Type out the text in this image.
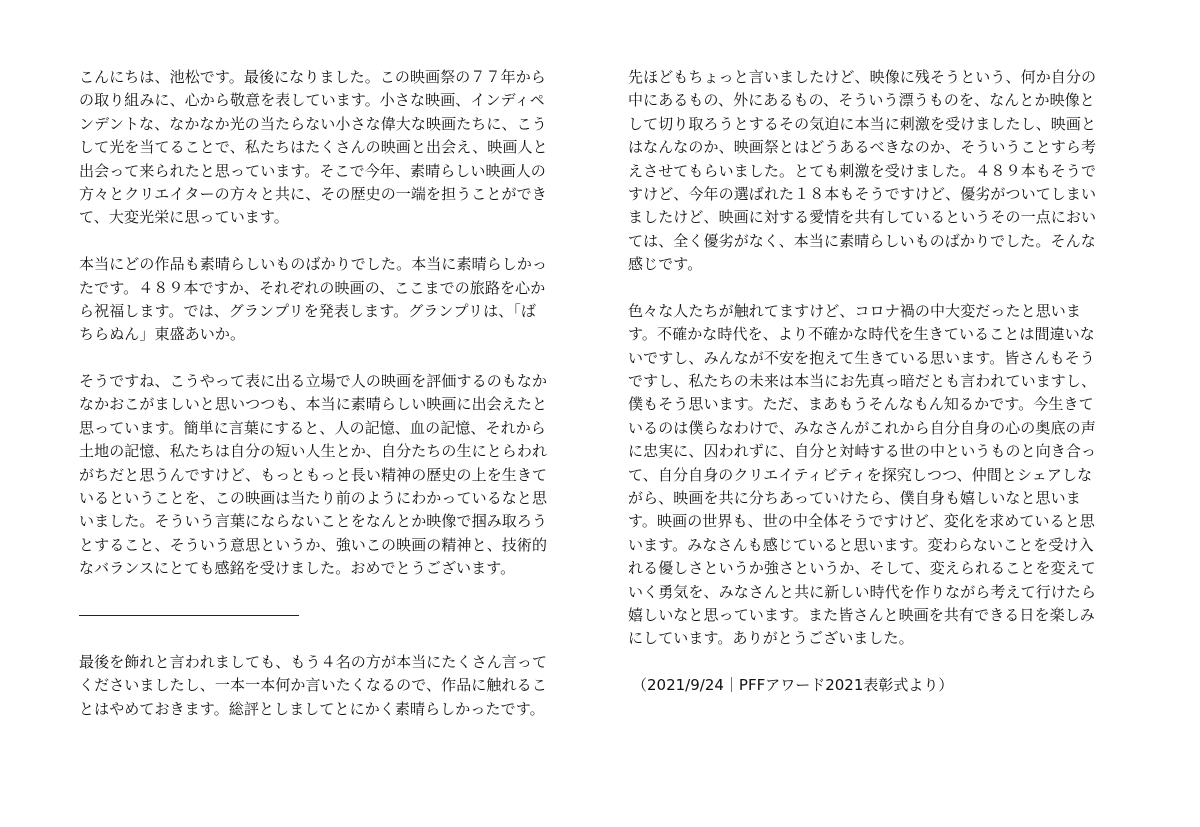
こんにちは、池松です。最後になりました。この映画祭の７７年から
の取り組みに、心から敬意を表しています。小さな映画、インディペ
ンデントな、なかなか光の当たらない小さな偉大な映画たちに、こう
して光を当てることで、私たちはたくさんの映画と出会え、映画人と
出会って来られたと思っています。そこで今年、素晴らしい映画人の
方々とクリエイターの方々と共に、その歴史の一端を担うことができ
て、大変光栄に思っています。
本当にどの作品も素晴らしいものばかりでした。本当に素晴らしかっ
たです。４８９本ですか、それぞれの映画の、ここまでの旅路を心か
ら祝福します。では、グランプリを発表します。グランプリは、「ば
ちらぬん」東盛あいか。
そうですね、こうやって表に出る立場で人の映画を評価するのもなか
なかおこがましいと思いつつも、本当に素晴らしい映画に出会えたと
思っています。簡単に言葉にすると、人の記憶、血の記憶、それから
土地の記憶、私たちは自分の短い人生とか、自分たちの生にとらわれ
がちだと思うんですけど、もっともっと長い精神の歴史の上を生きて
いるということを、この映画は当たり前のようにわかっているなと思
いました。そういう言葉にならないことをなんとか映像で掴み取ろう
とすること、そういう意思というか、強いこの映画の精神と、技術的
なバランスにとても感銘を受けました。おめでとうございます。
最後を飾れと言われましても、もう４名の方が本当にたくさん言って
くださいましたし、一本一本何か言いたくなるので、作品に触れるこ
とはやめておきます。総評としましてとにかく素晴らしかったです。
先ほどもちょっと言いましたけど、映像に残そうという、何か自分の
中にあるもの、外にあるもの、そういう漂うものを、なんとか映像と
して切り取ろうとするその気迫に本当に刺激を受けましたし、映画と
はなんなのか、映画祭とはどうあるべきなのか、そういうことすら考
えさせてもらいました。とても刺激を受けました。４８９本もそうで
すけど、今年の選ばれた１８本もそうですけど、優劣がついてしまい
ましたけど、映画に対する愛情を共有しているというその一点におい
ては、全く優劣がなく、本当に素晴らしいものばかりでした。そんな
感じです。
色々な人たちが触れてますけど、コロナ禍の中大変だったと思いま
す。不確かな時代を、より不確かな時代を生きていることは間違いな
いですし、みんなが不安を抱えて生きている思います。皆さんもそう
ですし、私たちの未来は本当にお先真っ暗だとも言われていますし、
僕もそう思います。ただ、まあもうそんなもん知るかです。今生きて
いるのは僕らなわけで、みなさんがこれから自分自身の心の奥底の声
に忠実に、囚われずに、自分と対峙する世の中というものと向き合っ
て、自分自身のクリエイティビティを探究しつつ、仲間とシェアしな
がら、映画を共に分ちあっていけたら、僕自身も嬉しいなと思いま
す。映画の世界も、世の中全体そうですけど、変化を求めていると思
います。みなさんも感じていると思います。変わらないことを受け入
れる優しさというか強さというか、そして、変えられることを変えて
いく勇気を、みなさんと共に新しい時代を作りながら考えて行けたら
嬉しいなと思っています。また皆さんと映画を共有できる日を楽しみ
にしています。ありがとうございました。
（2021/9/24｜PFFアワード2021表彰式より）
